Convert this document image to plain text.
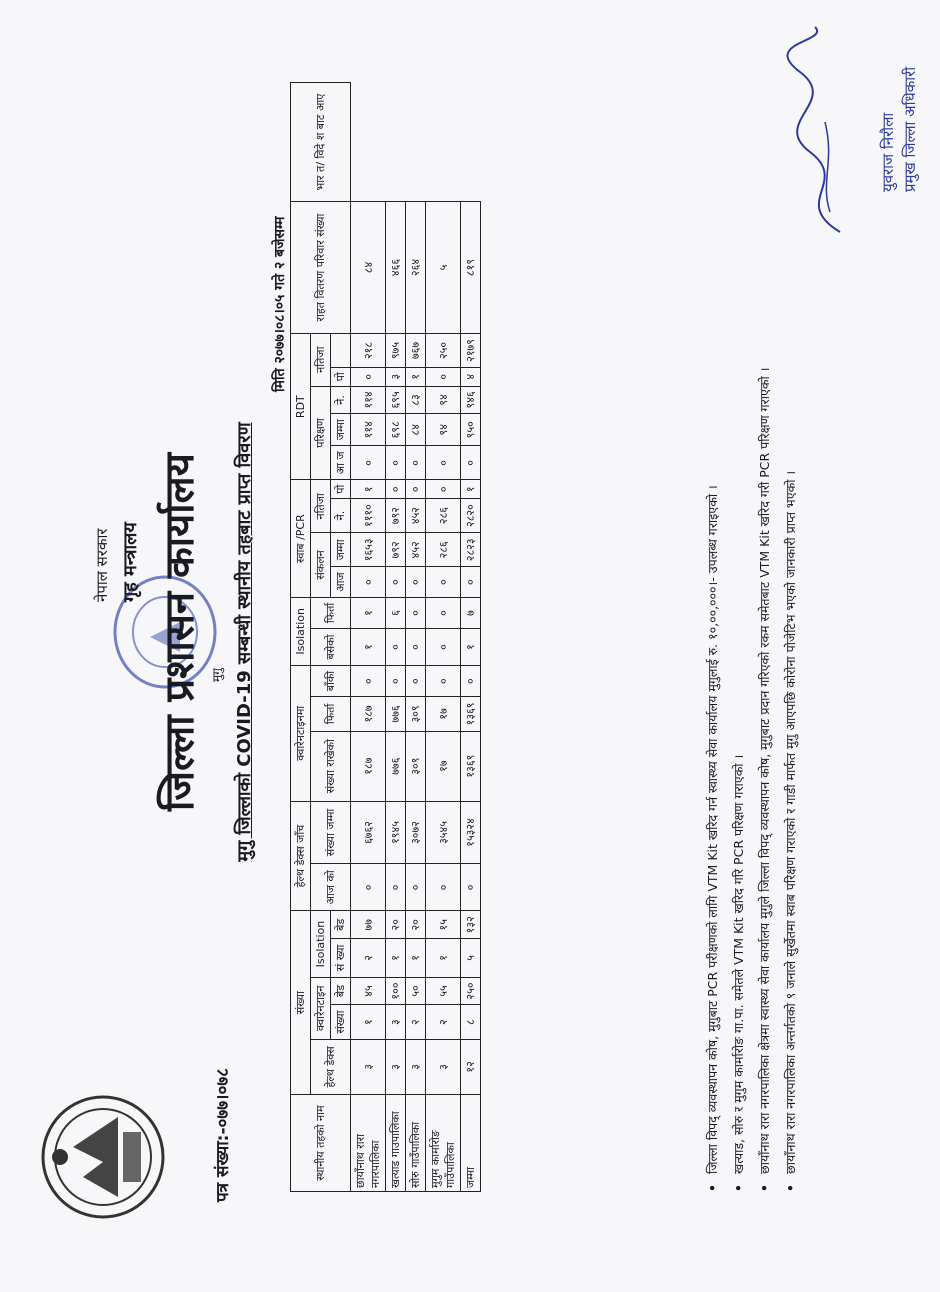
पत्र संख्या:-०७७।०७८
नेपाल सरकार गृह मन्त्रालय जिल्ला प्रशासन कार्यालय मुगु मुगु जिल्लाको COVID-19 सम्बन्धी स्थानीय तहबाट प्राप्त विवरण
मिति २०७७।०८।०५ गते २ बजेसम्म
स्थानीय तहको नाम	संख्या					हेल्थ डेक्स जाँच		क्वारेनटाइनमा			Isolation		स्वाब /PCR				RDT					राहत वितरण परिवार संख्या	भार त/ विदे श बाट आए
	हेल्थ डेक्स	क्वारेनटाइन		Isolation		आज को	संख्या जम्मा	संख्या राखेको	फिर्ता	बाँकी	बसेको	फिर्ता	संकलन		नतिजा		परिक्षण			नतिजा			
		संख्या	बेड	सं ख्या	बेड								आज	जम्मा	ने.	पो	आ ज	जम्मा	ने.	पो			
छायाँनाथ रारा नगरपालिका	३	१	४५	२	७७	०	६७६२	१८७	१८७	०	१	१	०	१६५३	१११०	१	०	११४	११४	०	२१८	८४	
खत्याड गाउपालिका	३	३	१००	१	२०	०	१९४५	७७६	७७६	०	०	६	०	७९२	७९२	०	०	६९८	६९५	३	९७५	४६६	
सोरु गाउँपालिका	३	२	५०	१	२०	०	३०७२	३०९	३०९	०	०	०	०	४५२	४५२	०	०	८४	८३	१	७६७	२६४	
मुगुम कार्मारोङ गाउँपालिका	३	२	५५	१	१५	०	३५४५	१७	१७	०	०	०	०	२८६	२८६	०	०	९४	९४	०	२५०	५	
जम्मा	१२	८	२५०	५	१३२	०	१५३२४	१३६९	१३६९	०	१	७	०	२८२३	२८२०	१	०	९५०	९४६	४	२१७९	८१९	
• जिल्ला विपद् व्यवस्थापन कोष, मुगुबाट PCR परीक्षणको लागि VTM Kit खरिद गर्न स्वास्थ्य सेवा कार्यालय मुगुलाई रु. १०,००,०००।- उपलब्ध गराइएको । • खत्याड, सोरु र मुगुम कार्मारोङ गा.पा. समेतले VTM Kit खरिद गरि PCR परिक्षण गराएको । • छायाँनाथ रारा नगरपालिका क्षेत्रमा स्वास्थ्य सेवा कार्यालय मुगुले जिल्ला विपद् व्यवस्थापन कोष, मुगुबाट प्रदान गरिएको रकम समेतबाट VTM Kit खरिद गरी PCR परिक्षण गराएको । • छायाँनाथ रारा नगरपालिका अन्तर्गतको ९ जनाले सुर्खेतमा स्वाब परिक्षण गराएको र गाडी मार्फत मुगु आएपछि कोरोना पोजेटिभ भएको जानकारी प्राप्त भएको ।
युवराज निरौला प्रमुख जिल्ला अधिकारी
